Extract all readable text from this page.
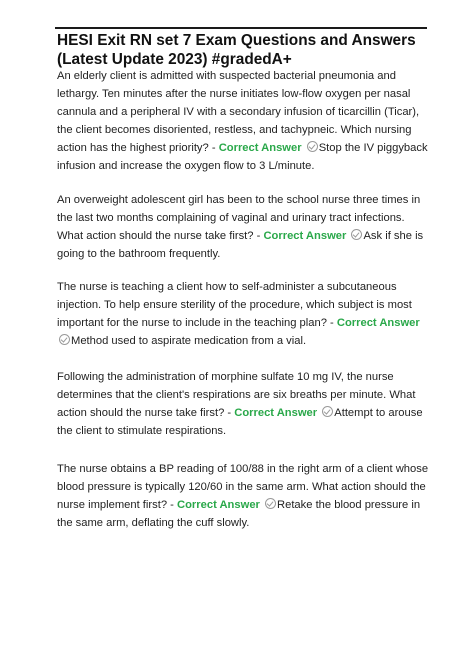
HESI Exit RN set 7 Exam Questions and Answers (Latest Update 2023) #gradedA+

An elderly client is admitted with suspected bacterial pneumonia and lethargy. Ten minutes after the nurse initiates low-flow oxygen per nasal cannula and a peripheral IV with a secondary infusion of ticarcillin (Ticar), the client becomes disoriented, restless, and tachypneic. Which nursing action has the highest priority? - Correct Answer Stop the IV piggyback infusion and increase the oxygen flow to 3 L/minute.

An overweight adolescent girl has been to the school nurse three times in the last two months complaining of vaginal and urinary tract infections. What action should the nurse take first? - Correct Answer Ask if she is going to the bathroom frequently.

The nurse is teaching a client how to self-administer a subcutaneous injection. To help ensure sterility of the procedure, which subject is most important for the nurse to include in the teaching plan? - Correct Answer Method used to aspirate medication from a vial.

Following the administration of morphine sulfate 10 mg IV, the nurse determines that the client's respirations are six breaths per minute. What action should the nurse take first? - Correct Answer Attempt to arouse the client to stimulate respirations.

The nurse obtains a BP reading of 100/88 in the right arm of a client whose blood pressure is typically 120/60 in the same arm. What action should the nurse implement first? - Correct Answer Retake the blood pressure in the same arm, deflating the cuff slowly.
